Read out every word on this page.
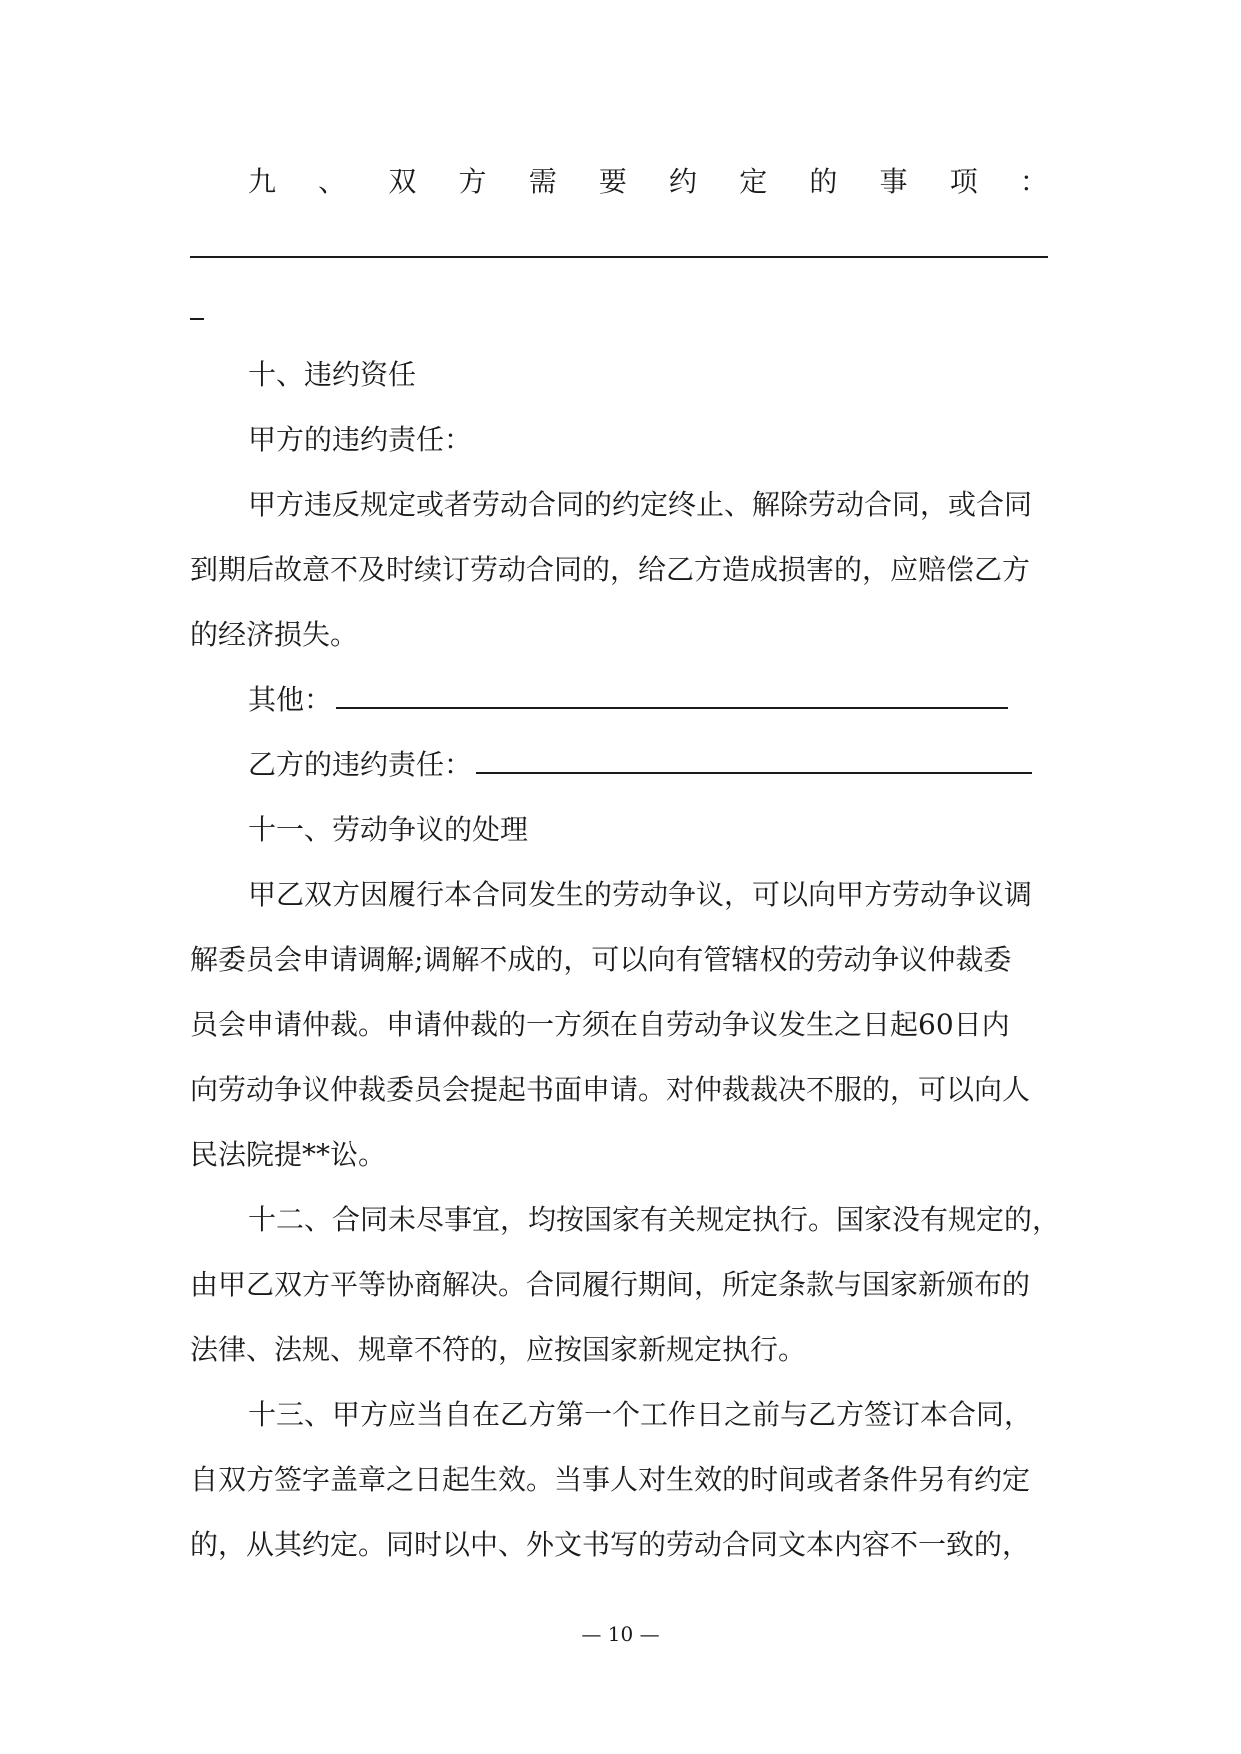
九 、 双 方 需 要 约 定 的 事 项 ：
十、违约资任
甲方的违约责任：
甲方违反规定或者劳动合同的约定终止、解除劳动合同，或合同
到期后故意不及时续订劳动合同的，给乙方造成损害的，应赔偿乙方
的经济损失。
其他：
乙方的违约责任：
十一、劳动争议的处理
甲乙双方因履行本合同发生的劳动争议，可以向甲方劳动争议调
解委员会申请调解;调解不成的，可以向有管辖权的劳动争议仲裁委
员会申请仲裁。申请仲裁的一方须在自劳动争议发生之日起60日内
向劳动争议仲裁委员会提起书面申请。对仲裁裁决不服的，可以向人
民法院提**讼。
十二、合同未尽事宜，均按国家有关规定执行。国家没有规定的，
由甲乙双方平等协商解决。合同履行期间，所定条款与国家新颁布的
法律、法规、规章不符的，应按国家新规定执行。
十三、甲方应当自在乙方第一个工作日之前与乙方签订本合同，
自双方签字盖章之日起生效。当事人对生效的时间或者条件另有约定
的，从其约定。同时以中、外文书写的劳动合同文本内容不一致的，
— 10 —
